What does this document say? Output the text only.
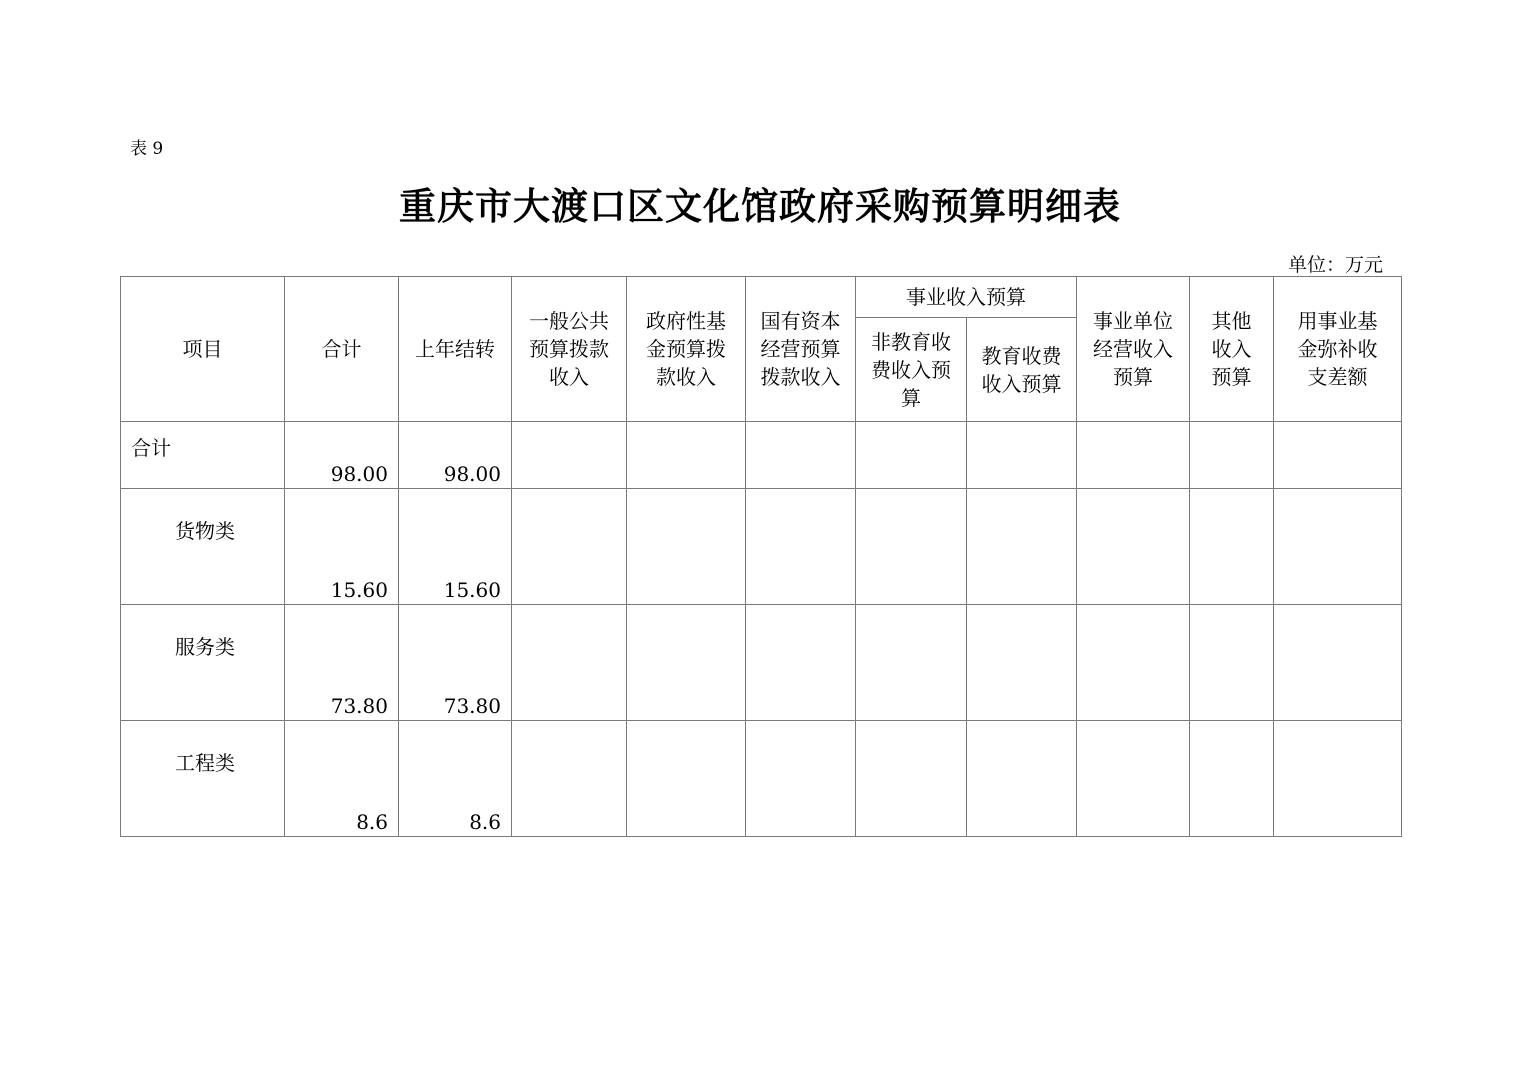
表 9
重庆市大渡口区文化馆政府采购预算明细表
单位：万元
项目	合计	上年结转	一般公共预算拨款收入	政府性基金预算拨款收入	国有资本经营预算拨款收入	事业收入预算		事业单位经营收入预算	其他收入预算	用事业基金弥补收支差额

						非教育收费收入预算	教育收费收入预算			

合计	98.00	98.00								
货物类	15.60	15.60								
服务类	73.80	73.80								
工程类	8.6	8.6								
